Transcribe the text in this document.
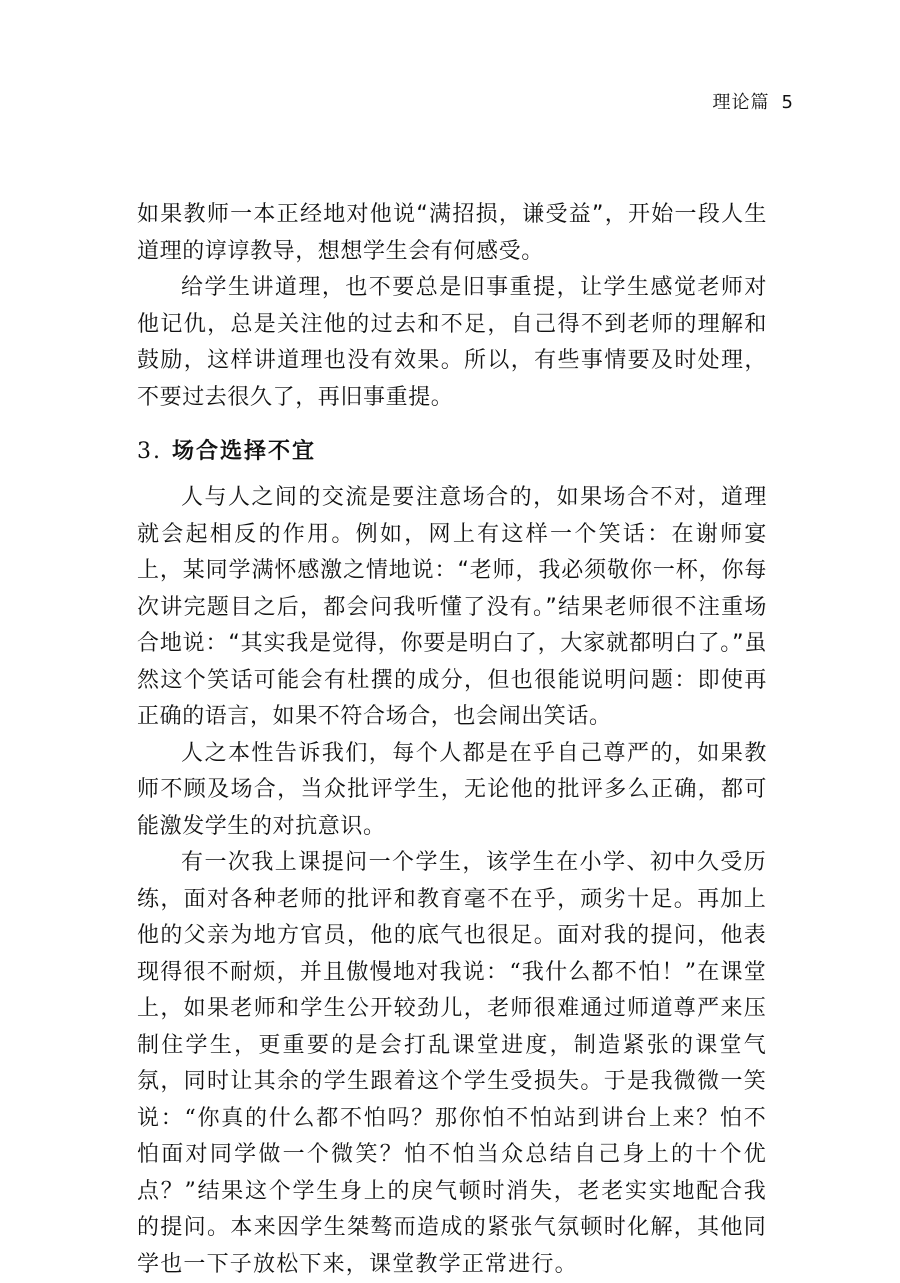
理论篇 5

如果教师一本正经地对他说“满招损，谦受益”，开始一段人生道理的谆谆教导，想想学生会有何感受。

给学生讲道理，也不要总是旧事重提，让学生感觉老师对他记仇，总是关注他的过去和不足，自己得不到老师的理解和鼓励，这样讲道理也没有效果。所以，有些事情要及时处理，不要过去很久了，再旧事重提。

3. 场合选择不宜

人与人之间的交流是要注意场合的，如果场合不对，道理就会起相反的作用。例如，网上有这样一个笑话：在谢师宴上，某同学满怀感激之情地说：“老师，我必须敬你一杯，你每次讲完题目之后，都会问我听懂了没有。”结果老师很不注重场合地说：“其实我是觉得，你要是明白了，大家就都明白了。”虽然这个笑话可能会有杜撰的成分，但也很能说明问题：即使再正确的语言，如果不符合场合，也会闹出笑话。

人之本性告诉我们，每个人都是在乎自己尊严的，如果教师不顾及场合，当众批评学生，无论他的批评多么正确，都可能激发学生的对抗意识。

有一次我上课提问一个学生，该学生在小学、初中久受历练，面对各种老师的批评和教育毫不在乎，顽劣十足。再加上他的父亲为地方官员，他的底气也很足。面对我的提问，他表现得很不耐烦，并且傲慢地对我说：“我什么都不怕！”在课堂上，如果老师和学生公开较劲儿，老师很难通过师道尊严来压制住学生，更重要的是会打乱课堂进度，制造紧张的课堂气氛，同时让其余的学生跟着这个学生受损失。于是我微微一笑说：“你真的什么都不怕吗？那你怕不怕站到讲台上来？怕不怕面对同学做一个微笑？怕不怕当众总结自己身上的十个优点？”结果这个学生身上的戾气顿时消失，老老实实地配合我的提问。本来因学生桀骜而造成的紧张气氛顿时化解，其他同学也一下子放松下来，课堂教学正常进行。
